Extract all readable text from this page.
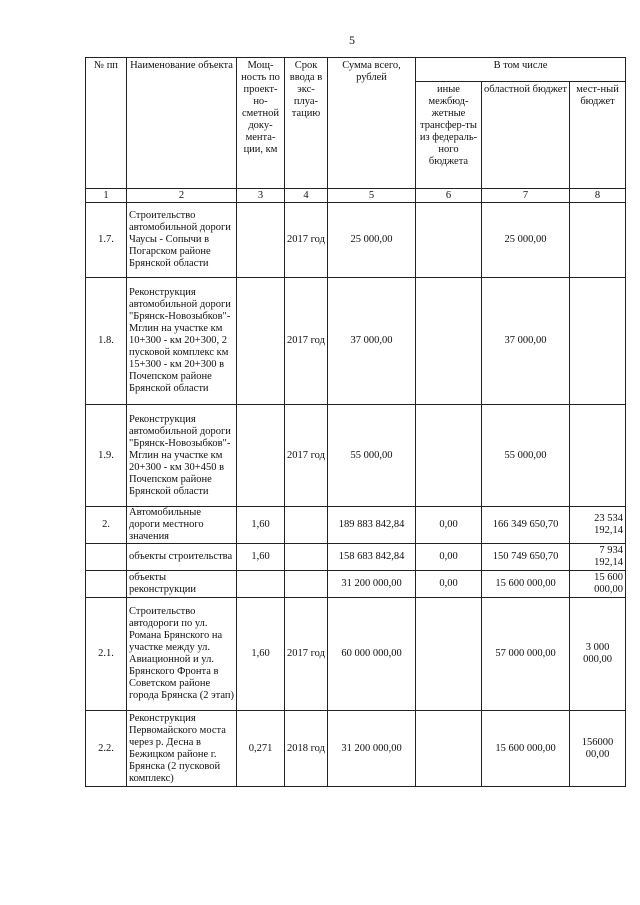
5
№ пп	Наименование объекта	Мощ-ность по проект-но-сметной доку-мента-ции, км	Срок ввода в экс-плуа-тацию	Сумма всего, рублей	В том числе		
					иные межбюд-жетные трансфер-ты из федераль-ного бюджета	областной бюджет	мест-ный бюджет
1	2	3	4	5	6	7	8
1.7.	Строительство автомобильной дороги Чаусы - Сопычи в Погарском районе Брянской области		2017 год	25 000,00		25 000,00	
1.8.	Реконструкция автомобильной дороги "Брянск-Новозыбков"-Мглин на участке км 10+300 - км 20+300, 2 пусковой комплекс км 15+300 - км 20+300 в Почепском районе Брянской области		2017 год	37 000,00		37 000,00	
1.9.	Реконструкция автомобильной дороги "Брянск-Новозыбков"-Мглин на участке км 20+300 - км 30+450 в Почепском районе Брянской области		2017 год	55 000,00		55 000,00	
2.	Автомобильные дороги местного значения	1,60		189 883 842,84	0,00	166 349 650,70	23 534 192,14
	объекты строительства	1,60		158 683 842,84	0,00	150 749 650,70	7 934 192,14
	объекты реконструкции			31 200 000,00	0,00	15 600 000,00	15 600 000,00
2.1.	Строительство автодороги по ул. Романа Брянского на участке между ул. Авиационной и ул. Брянского Фронта в Советском районе города Брянска (2 этап)	1,60	2017 год	60 000 000,00		57 000 000,00	3 000 000,00
2.2.	Реконструкция Первомайского моста через р. Десна в Бежицком районе г. Брянска (2 пусковой комплекс)	0,271	2018 год	31 200 000,00		15 600 000,00	156000 00,00
